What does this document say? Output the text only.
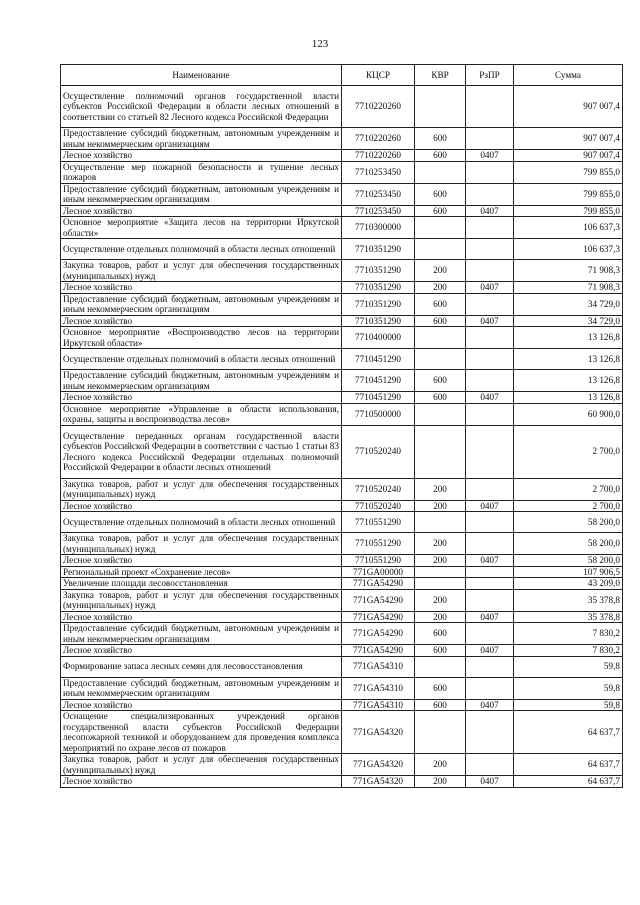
123
Наименование	КЦСР	КВР	РзПР	Сумма
Осуществление полномочий органов государственной власти субъектов Российской Федерации в области лесных отношений в соответствии со статьей 82 Лесного кодекса Российской Федерации	7710220260			907 007,4
Предоставление субсидий бюджетным, автономным учреждениям и иным некоммерческим организациям	7710220260	600		907 007,4
Лесное хозяйство	7710220260	600	0407	907 007,4
Осуществление мер пожарной безопасности и тушение лесных пожаров	7710253450			799 855,0
Предоставление субсидий бюджетным, автономным учреждениям и иным некоммерческим организациям	7710253450	600		799 855,0
Лесное хозяйство	7710253450	600	0407	799 855,0
Основное мероприятие «Защита лесов на территории Иркутской области»	7710300000			106 637,3
Осуществление отдельных полномочий в области лесных отношений	7710351290			106 637,3
Закупка товаров, работ и услуг для обеспечения государственных (муниципальных) нужд	7710351290	200		71 908,3
Лесное хозяйство	7710351290	200	0407	71 908,3
Предоставление субсидий бюджетным, автономным учреждениям и иным некоммерческим организациям	7710351290	600		34 729,0
Лесное хозяйство	7710351290	600	0407	34 729,0
Основное мероприятие «Воспроизводство лесов на территории Иркутской области»	7710400000			13 126,8
Осуществление отдельных полномочий в области лесных отношений	7710451290			13 126,8
Предоставление субсидий бюджетным, автономным учреждениям и иным некоммерческим организациям	7710451290	600		13 126,8
Лесное хозяйство	7710451290	600	0407	13 126,8
Основное мероприятие «Управление в области использования, охраны, защиты и воспроизводства лесов»	7710500000			60 900,0
Осуществление переданных органам государственной власти субъектов Российской Федерации в соответствии с частью 1 статьи 83 Лесного кодекса Российской Федерации отдельных полномочий Российской Федерации в области лесных отношений	7710520240			2 700,0
Закупка товаров, работ и услуг для обеспечения государственных (муниципальных) нужд	7710520240	200		2 700,0
Лесное хозяйство	7710520240	200	0407	2 700,0
Осуществление отдельных полномочий в области лесных отношений	7710551290			58 200,0
Закупка товаров, работ и услуг для обеспечения государственных (муниципальных) нужд	7710551290	200		58 200,0
Лесное хозяйство	7710551290	200	0407	58 200,0
Региональный проект «Сохранение лесов»	771GA00000			107 906,5
Увеличение площади лесовосстановления	771GA54290			43 209,0
Закупка товаров, работ и услуг для обеспечения государственных (муниципальных) нужд	771GA54290	200		35 378,8
Лесное хозяйство	771GA54290	200	0407	35 378,8
Предоставление субсидий бюджетным, автономным учреждениям и иным некоммерческим организациям	771GA54290	600		7 830,2
Лесное хозяйство	771GA54290	600	0407	7 830,2
Формирование запаса лесных семян для лесовосстановления	771GA54310			59,8
Предоставление субсидий бюджетным, автономным учреждениям и иным некоммерческим организациям	771GA54310	600		59,8
Лесное хозяйство	771GA54310	600	0407	59,8
Оснащение специализированных учреждений органов государственной власти субъектов Российской Федерации лесопожарной техникой и оборудованием для проведения комплекса мероприятий по охране лесов от пожаров	771GA54320			64 637,7
Закупка товаров, работ и услуг для обеспечения государственных (муниципальных) нужд	771GA54320	200		64 637,7
Лесное хозяйство	771GA54320	200	0407	64 637,7
